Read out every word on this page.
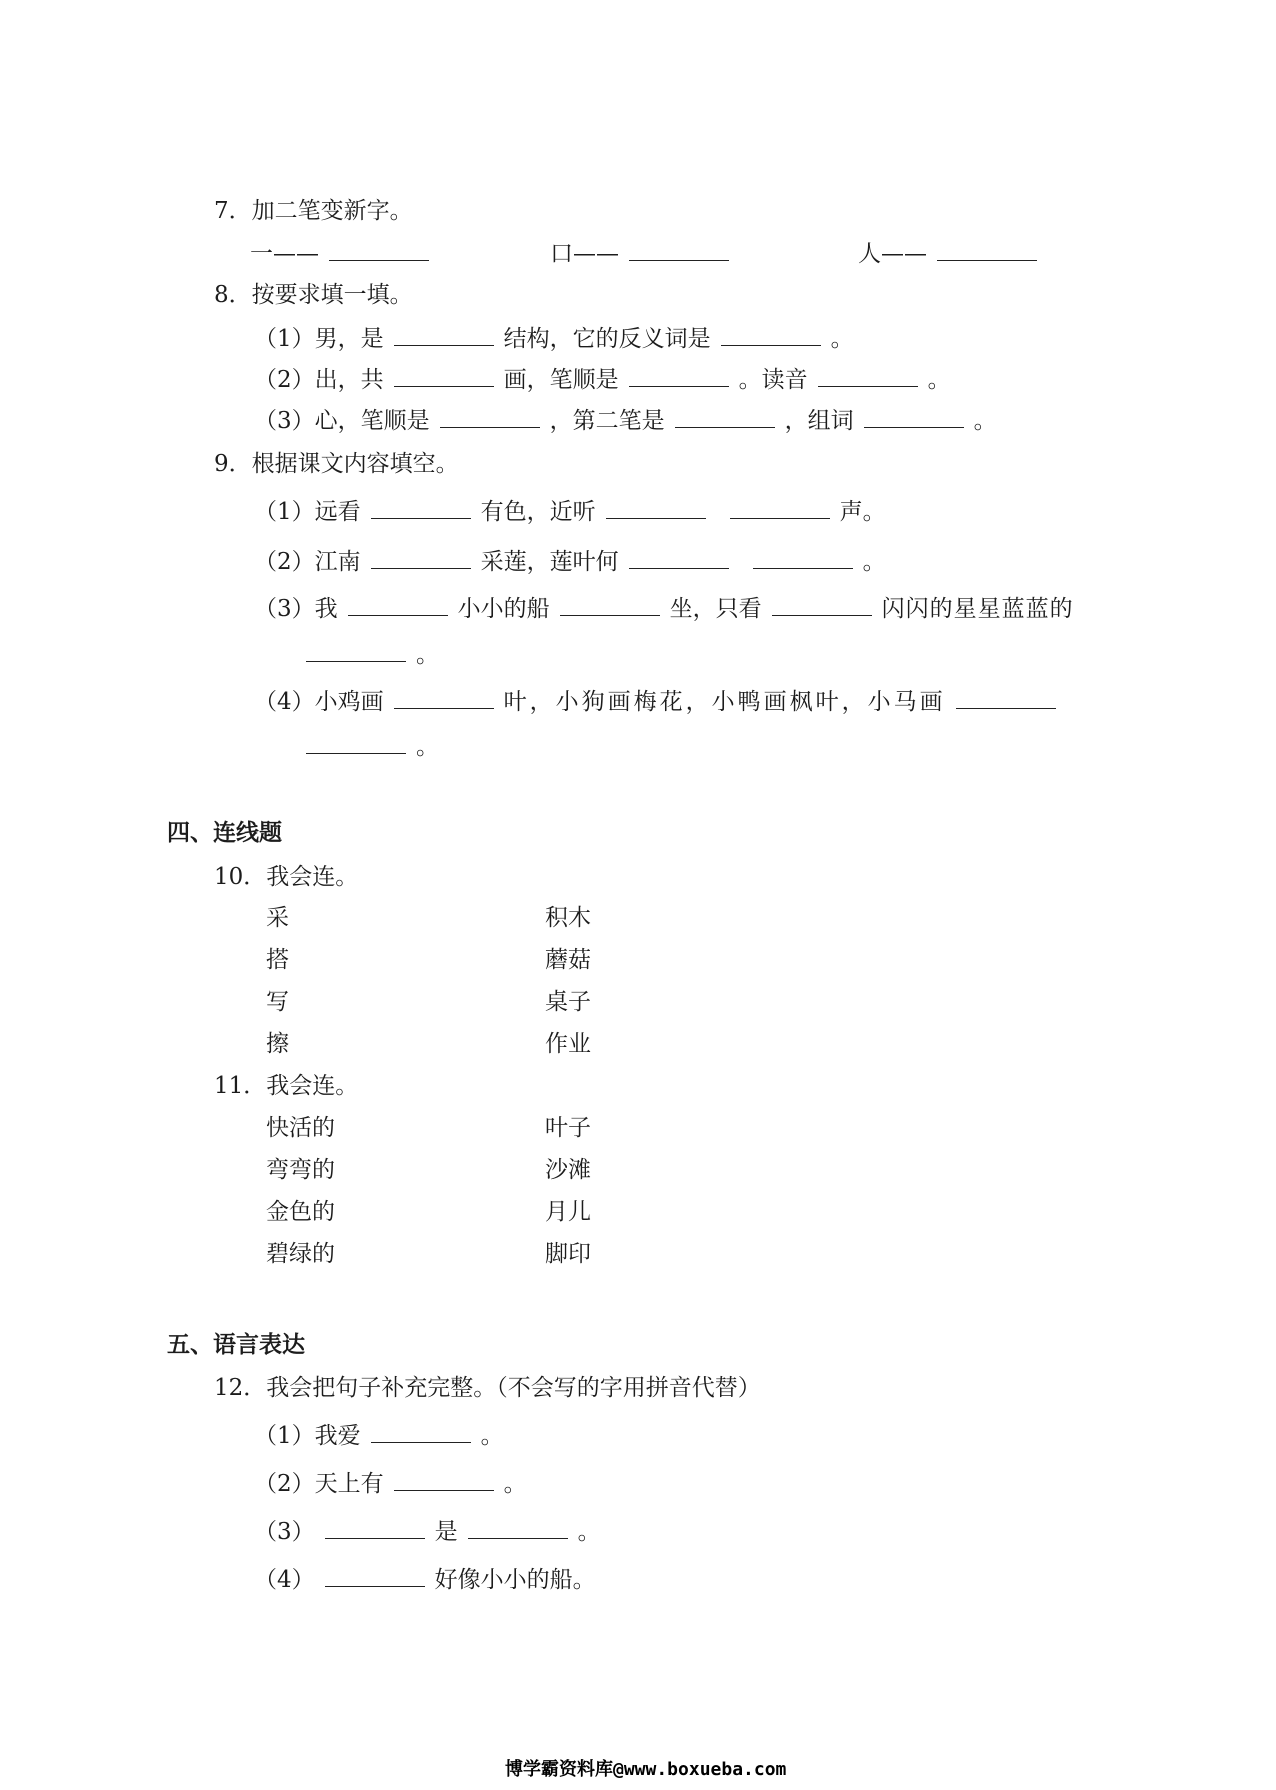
7．加二笔变新字。
一——	口——	人——
8．按要求填一填。
（1）男，是	结构，它的反义词是	。
（2）出，共	画，笔顺是	。读音	。
（3）心，笔顺是	，第二笔是	，组词	。
9．根据课文内容填空。
（1）远看	有色，近听	声。
（2）江南	采莲，莲叶何	。
（3）我	小小的船	坐，只看	闪闪的星星蓝蓝的
。
（4）小鸡画	叶，小狗画梅花，小鸭画枫叶，小马画
。
四、连线题
10．我会连。
采	积木
搭	蘑菇
写	桌子
擦	作业
11．我会连。
快活的	叶子
弯弯的	沙滩
金色的	月儿
碧绿的	脚印
五、语言表达
12．我会把句子补充完整。（不会写的字用拼音代替）
（1）我爱	。
（2）天上有	。
（3）	是	。
（4）	好像小小的船。
博学霸资料库@www.boxueba.com
